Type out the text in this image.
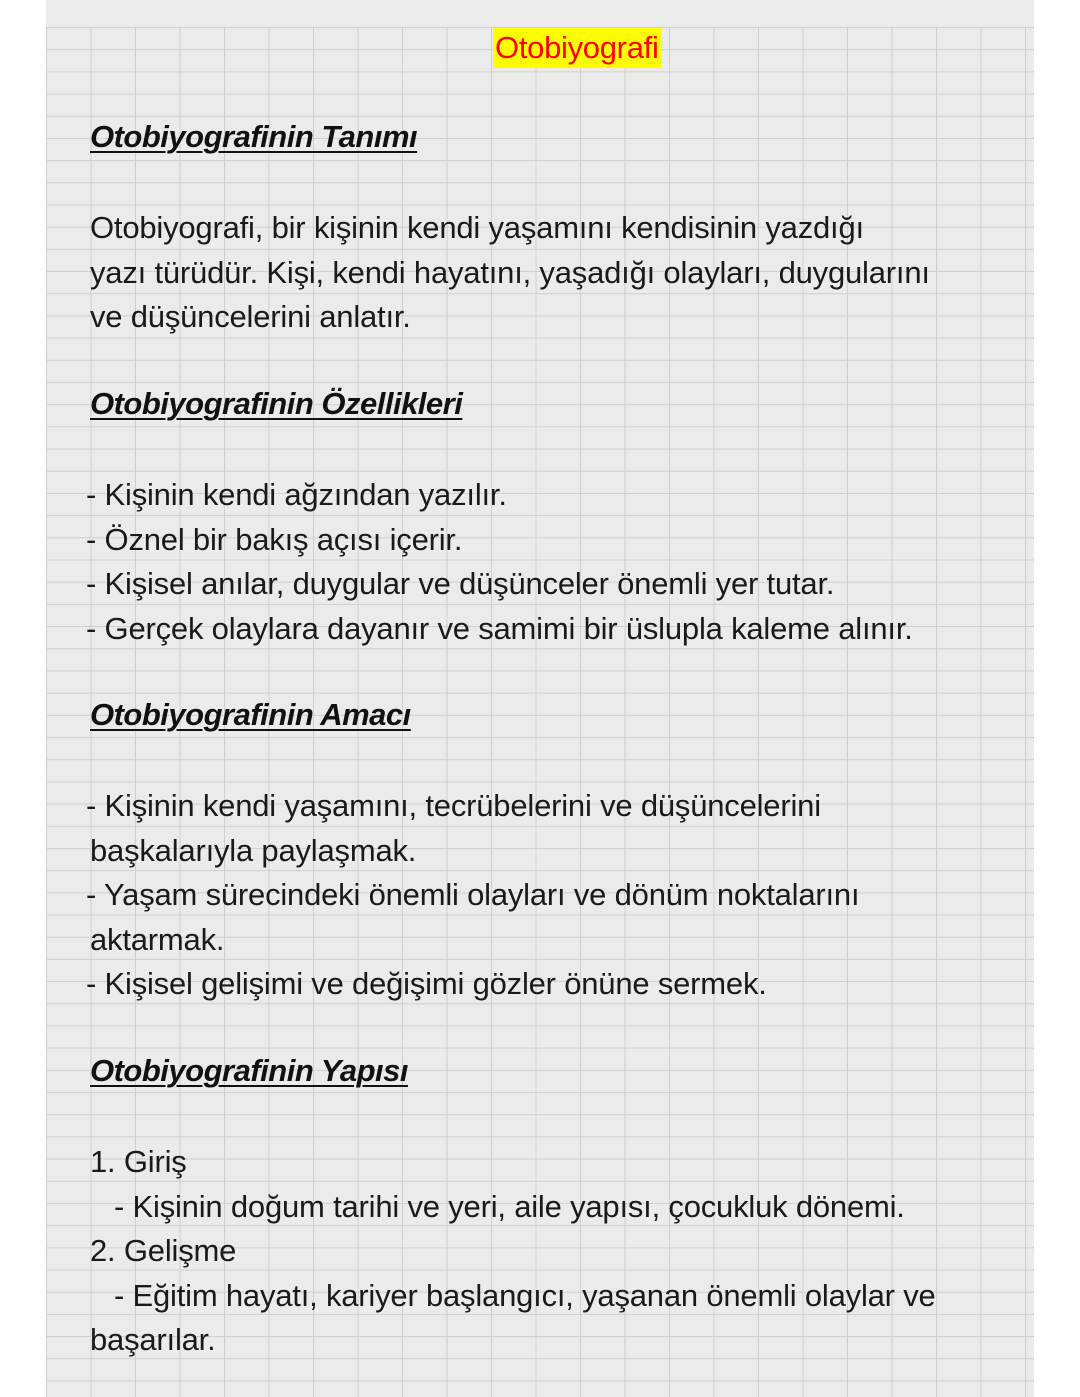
Otobiyografi
Otobiyografinin Tanımı
Otobiyografi, bir kişinin kendi yaşamını kendisinin yazdığı
yazı türüdür. Kişi, kendi hayatını, yaşadığı olayları, duygularını
ve düşüncelerini anlatır.
Otobiyografinin Özellikleri
- Kişinin kendi ağzından yazılır.
- Öznel bir bakış açısı içerir.
- Kişisel anılar, duygular ve düşünceler önemli yer tutar.
- Gerçek olaylara dayanır ve samimi bir üslupla kaleme alınır.
Otobiyografinin Amacı
- Kişinin kendi yaşamını, tecrübelerini ve düşüncelerini
başkalarıyla paylaşmak.
- Yaşam sürecindeki önemli olayları ve dönüm noktalarını
aktarmak.
- Kişisel gelişimi ve değişimi gözler önüne sermek.
Otobiyografinin Yapısı
1. Giriş
- Kişinin doğum tarihi ve yeri, aile yapısı, çocukluk dönemi.
2. Gelişme
- Eğitim hayatı, kariyer başlangıcı, yaşanan önemli olaylar ve
başarılar.
